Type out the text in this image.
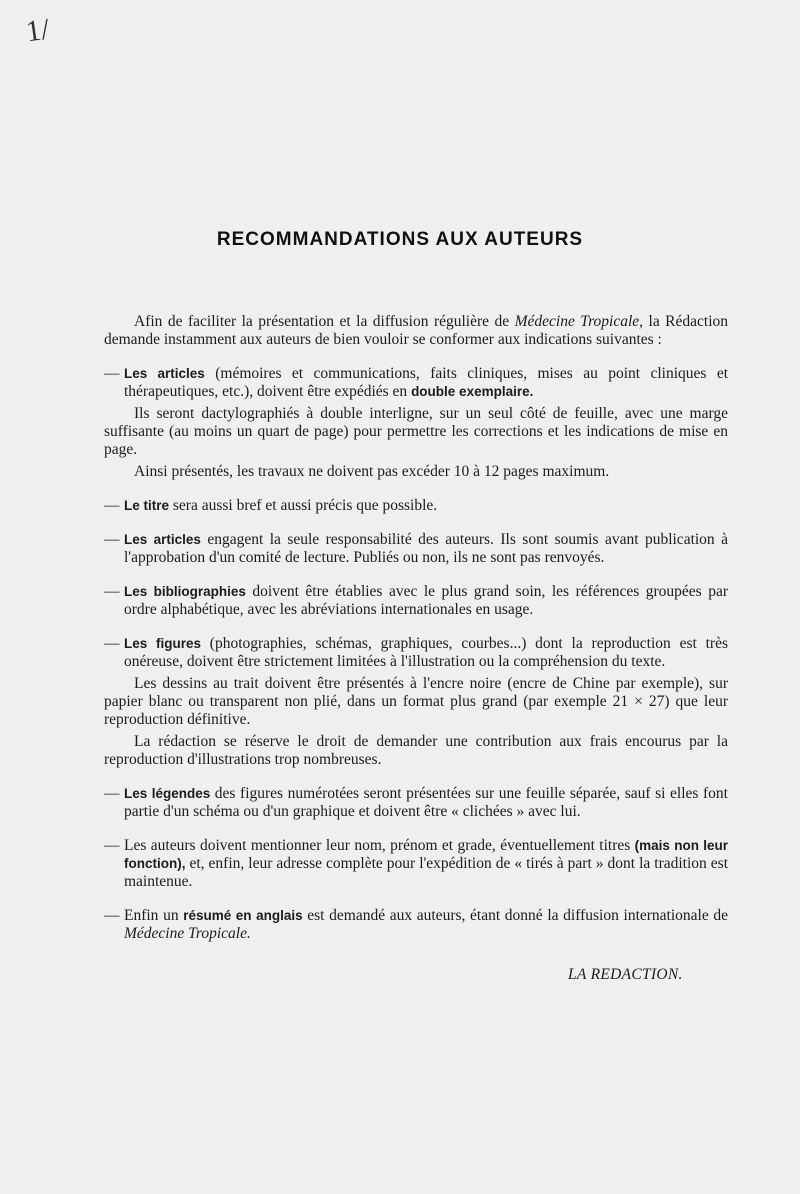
1/
RECOMMANDATIONS AUX AUTEURS

Afin de faciliter la présentation et la diffusion régulière de Médecine Tropicale, la Rédaction demande instamment aux auteurs de bien vouloir se conformer aux indications suivantes :

— Les articles (mémoires et communications, faits cliniques, mises au point cliniques et thérapeutiques, etc.), doivent être expédiés en double exemplaire.

Ils seront dactylographiés à double interligne, sur un seul côté de feuille, avec une marge suffisante (au moins un quart de page) pour permettre les corrections et les indications de mise en page.

Ainsi présentés, les travaux ne doivent pas excéder 10 à 12 pages maximum.

— Le titre sera aussi bref et aussi précis que possible.

— Les articles engagent la seule responsabilité des auteurs. Ils sont soumis avant publication à l'approbation d'un comité de lecture. Publiés ou non, ils ne sont pas renvoyés.

— Les bibliographies doivent être établies avec le plus grand soin, les références groupées par ordre alphabétique, avec les abréviations internationales en usage.

— Les figures (photographies, schémas, graphiques, courbes...) dont la reproduction est très onéreuse, doivent être strictement limitées à l'illustration ou la compréhension du texte.

Les dessins au trait doivent être présentés à l'encre noire (encre de Chine par exemple), sur papier blanc ou transparent non plié, dans un format plus grand (par exemple 21 × 27) que leur reproduction définitive.

La rédaction se réserve le droit de demander une contribution aux frais encourus par la reproduction d'illustrations trop nombreuses.

— Les légendes des figures numérotées seront présentées sur une feuille séparée, sauf si elles font partie d'un schéma ou d'un graphique et doivent être « clichées » avec lui.

— Les auteurs doivent mentionner leur nom, prénom et grade, éventuellement titres (mais non leur fonction), et, enfin, leur adresse complète pour l'expédition de « tirés à part » dont la tradition est maintenue.

— Enfin un résumé en anglais est demandé aux auteurs, étant donné la diffusion internationale de Médecine Tropicale.

LA REDACTION.
